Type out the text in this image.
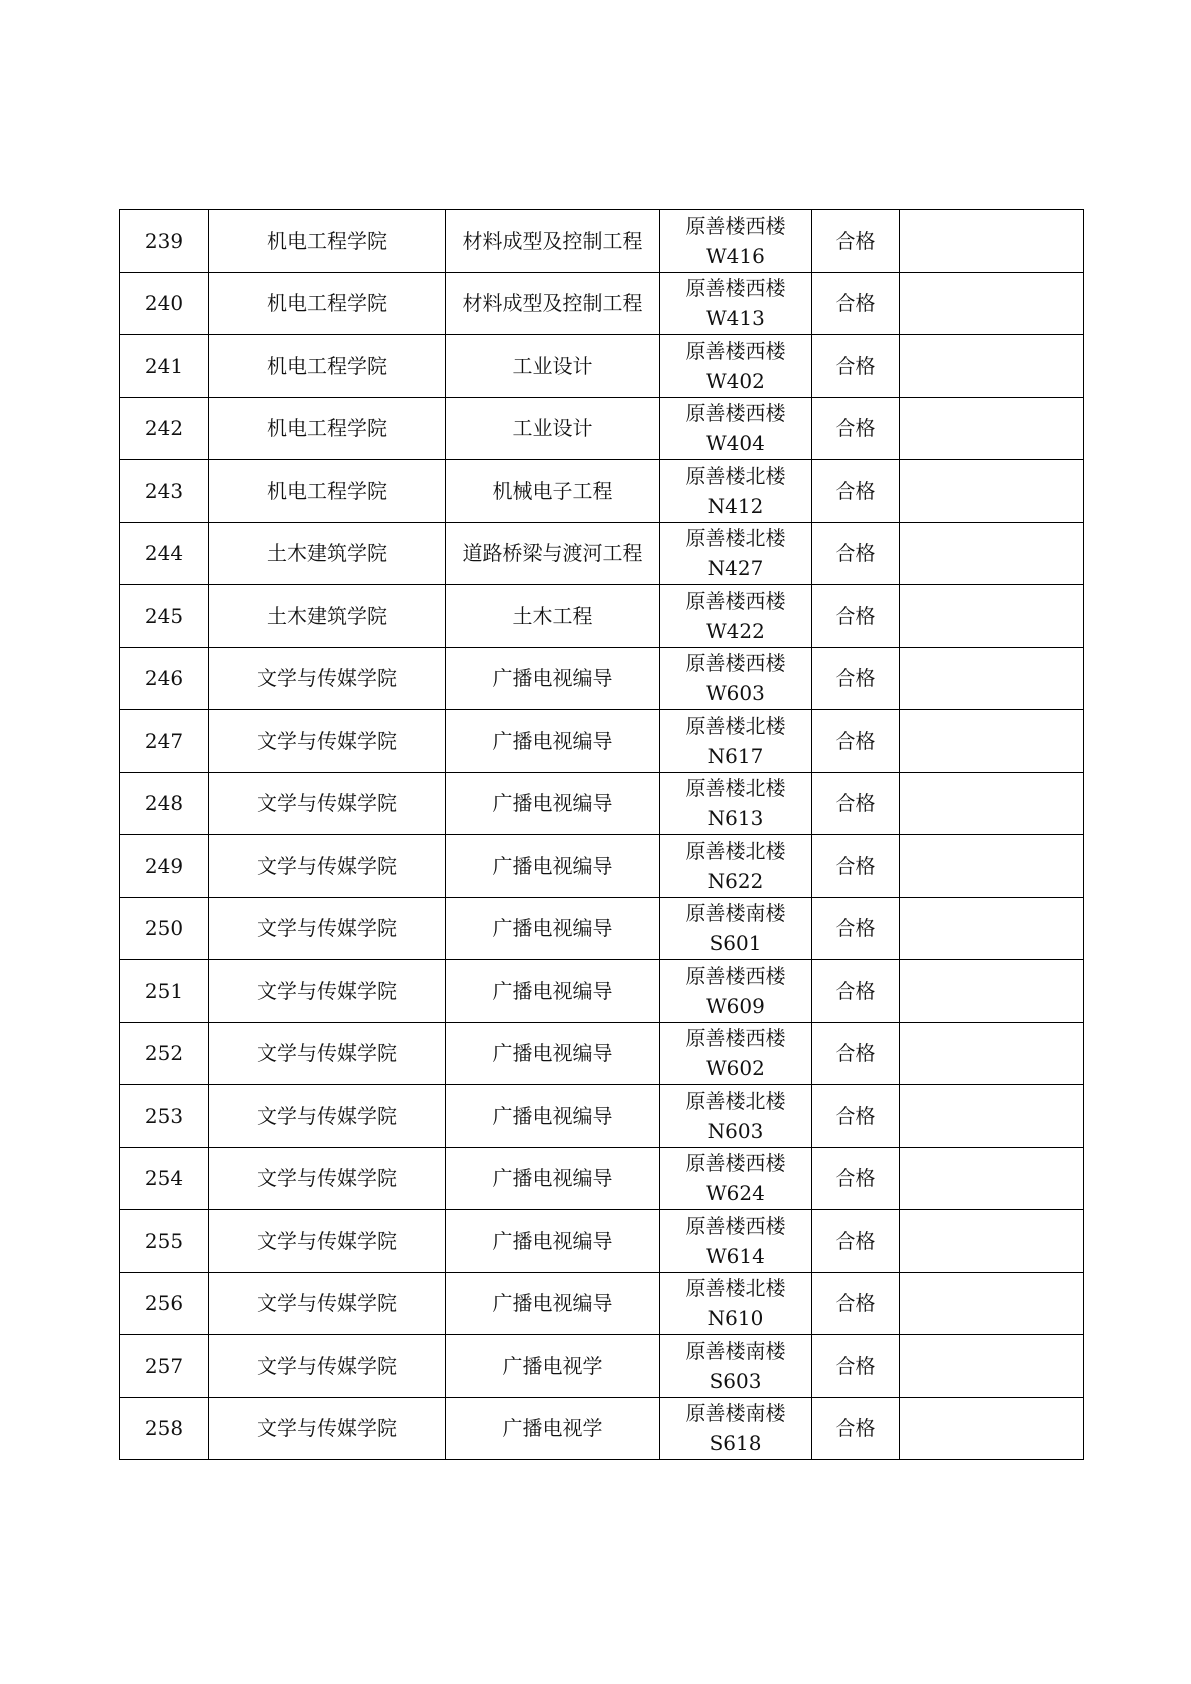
239	机电工程学院	材料成型及控制工程	原善楼西楼
W416	合格	

240	机电工程学院	材料成型及控制工程	原善楼西楼
W413	合格	

241	机电工程学院	工业设计	原善楼西楼
W402	合格	

242	机电工程学院	工业设计	原善楼西楼
W404	合格	

243	机电工程学院	机械电子工程	原善楼北楼
N412	合格	

244	土木建筑学院	道路桥梁与渡河工程	原善楼北楼
N427	合格	

245	土木建筑学院	土木工程	原善楼西楼
W422	合格	

246	文学与传媒学院	广播电视编导	原善楼西楼
W603	合格	

247	文学与传媒学院	广播电视编导	原善楼北楼
N617	合格	

248	文学与传媒学院	广播电视编导	原善楼北楼
N613	合格	

249	文学与传媒学院	广播电视编导	原善楼北楼
N622	合格	

250	文学与传媒学院	广播电视编导	原善楼南楼
S601	合格	

251	文学与传媒学院	广播电视编导	原善楼西楼
W609	合格	

252	文学与传媒学院	广播电视编导	原善楼西楼
W602	合格	

253	文学与传媒学院	广播电视编导	原善楼北楼
N603	合格	

254	文学与传媒学院	广播电视编导	原善楼西楼
W624	合格	

255	文学与传媒学院	广播电视编导	原善楼西楼
W614	合格	

256	文学与传媒学院	广播电视编导	原善楼北楼
N610	合格	

257	文学与传媒学院	广播电视学	原善楼南楼
S603	合格	

258	文学与传媒学院	广播电视学	原善楼南楼
S618	合格	
